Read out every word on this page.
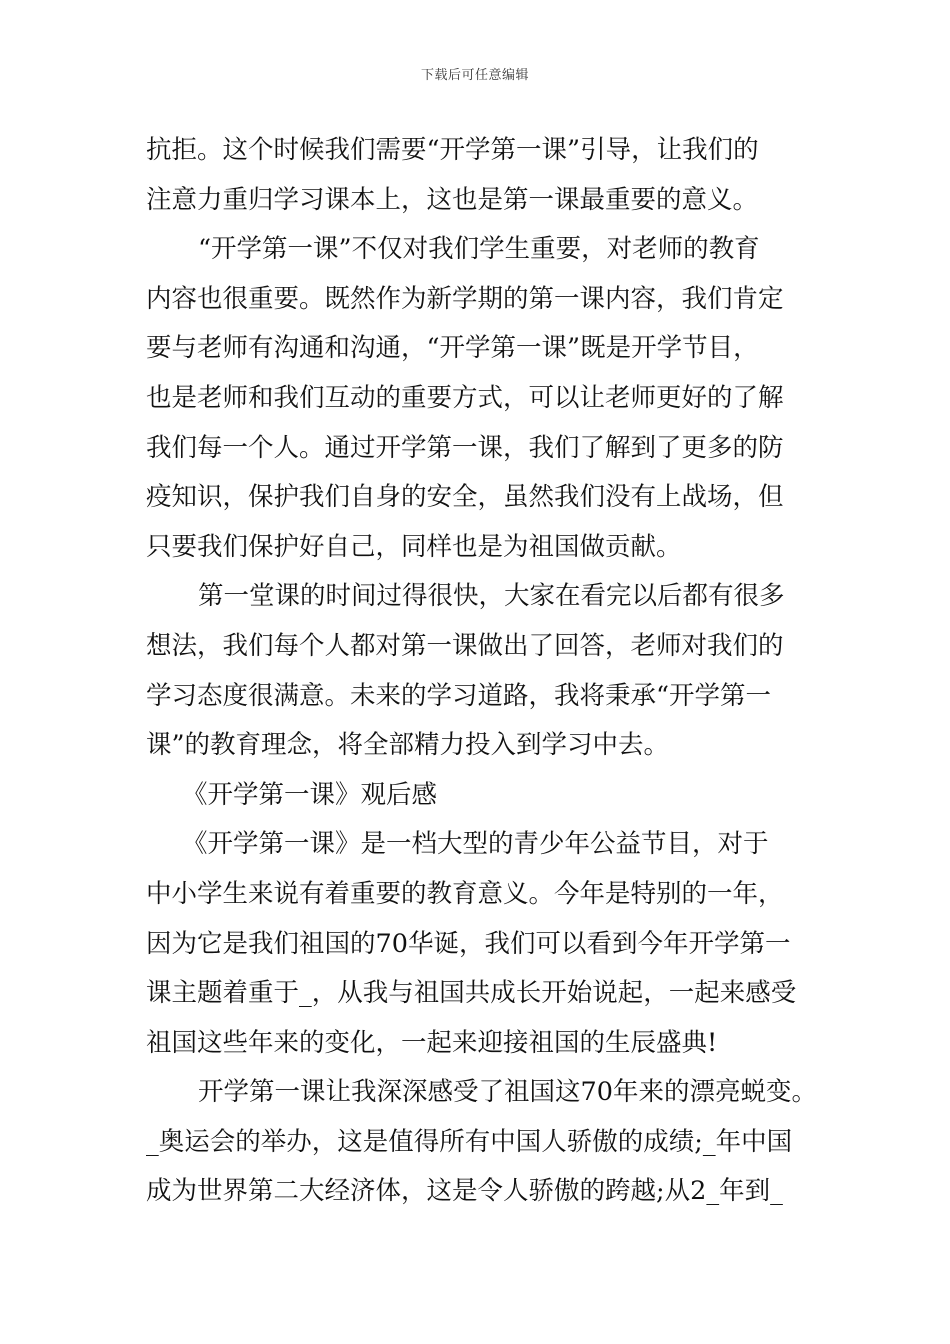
下载后可任意编辑
抗拒。这个时候我们需要“开学第一课”引导，让我们的
注意力重归学习课本上，这也是第一课最重要的意义。
“开学第一课”不仅对我们学生重要，对老师的教育
内容也很重要。既然作为新学期的第一课内容，我们肯定
要与老师有沟通和沟通，“开学第一课”既是开学节目，
也是老师和我们互动的重要方式，可以让老师更好的了解
我们每一个人。通过开学第一课，我们了解到了更多的防
疫知识，保护我们自身的安全，虽然我们没有上战场，但
只要我们保护好自己，同样也是为祖国做贡献。
第一堂课的时间过得很快，大家在看完以后都有很多
想法，我们每个人都对第一课做出了回答，老师对我们的
学习态度很满意。未来的学习道路，我将秉承“开学第一
课”的教育理念，将全部精力投入到学习中去。
《开学第一课》观后感
《开学第一课》是一档大型的青少年公益节目，对于
中小学生来说有着重要的教育意义。今年是特别的一年，
因为它是我们祖国的70华诞，我们可以看到今年开学第一
课主题着重于_，从我与祖国共成长开始说起，一起来感受
祖国这些年来的变化，一起来迎接祖国的生辰盛典!
开学第一课让我深深感受了祖国这70年来的漂亮蜕变。
_奥运会的举办，这是值得所有中国人骄傲的成绩;_年中国
成为世界第二大经济体，这是令人骄傲的跨越;从2_年到_
